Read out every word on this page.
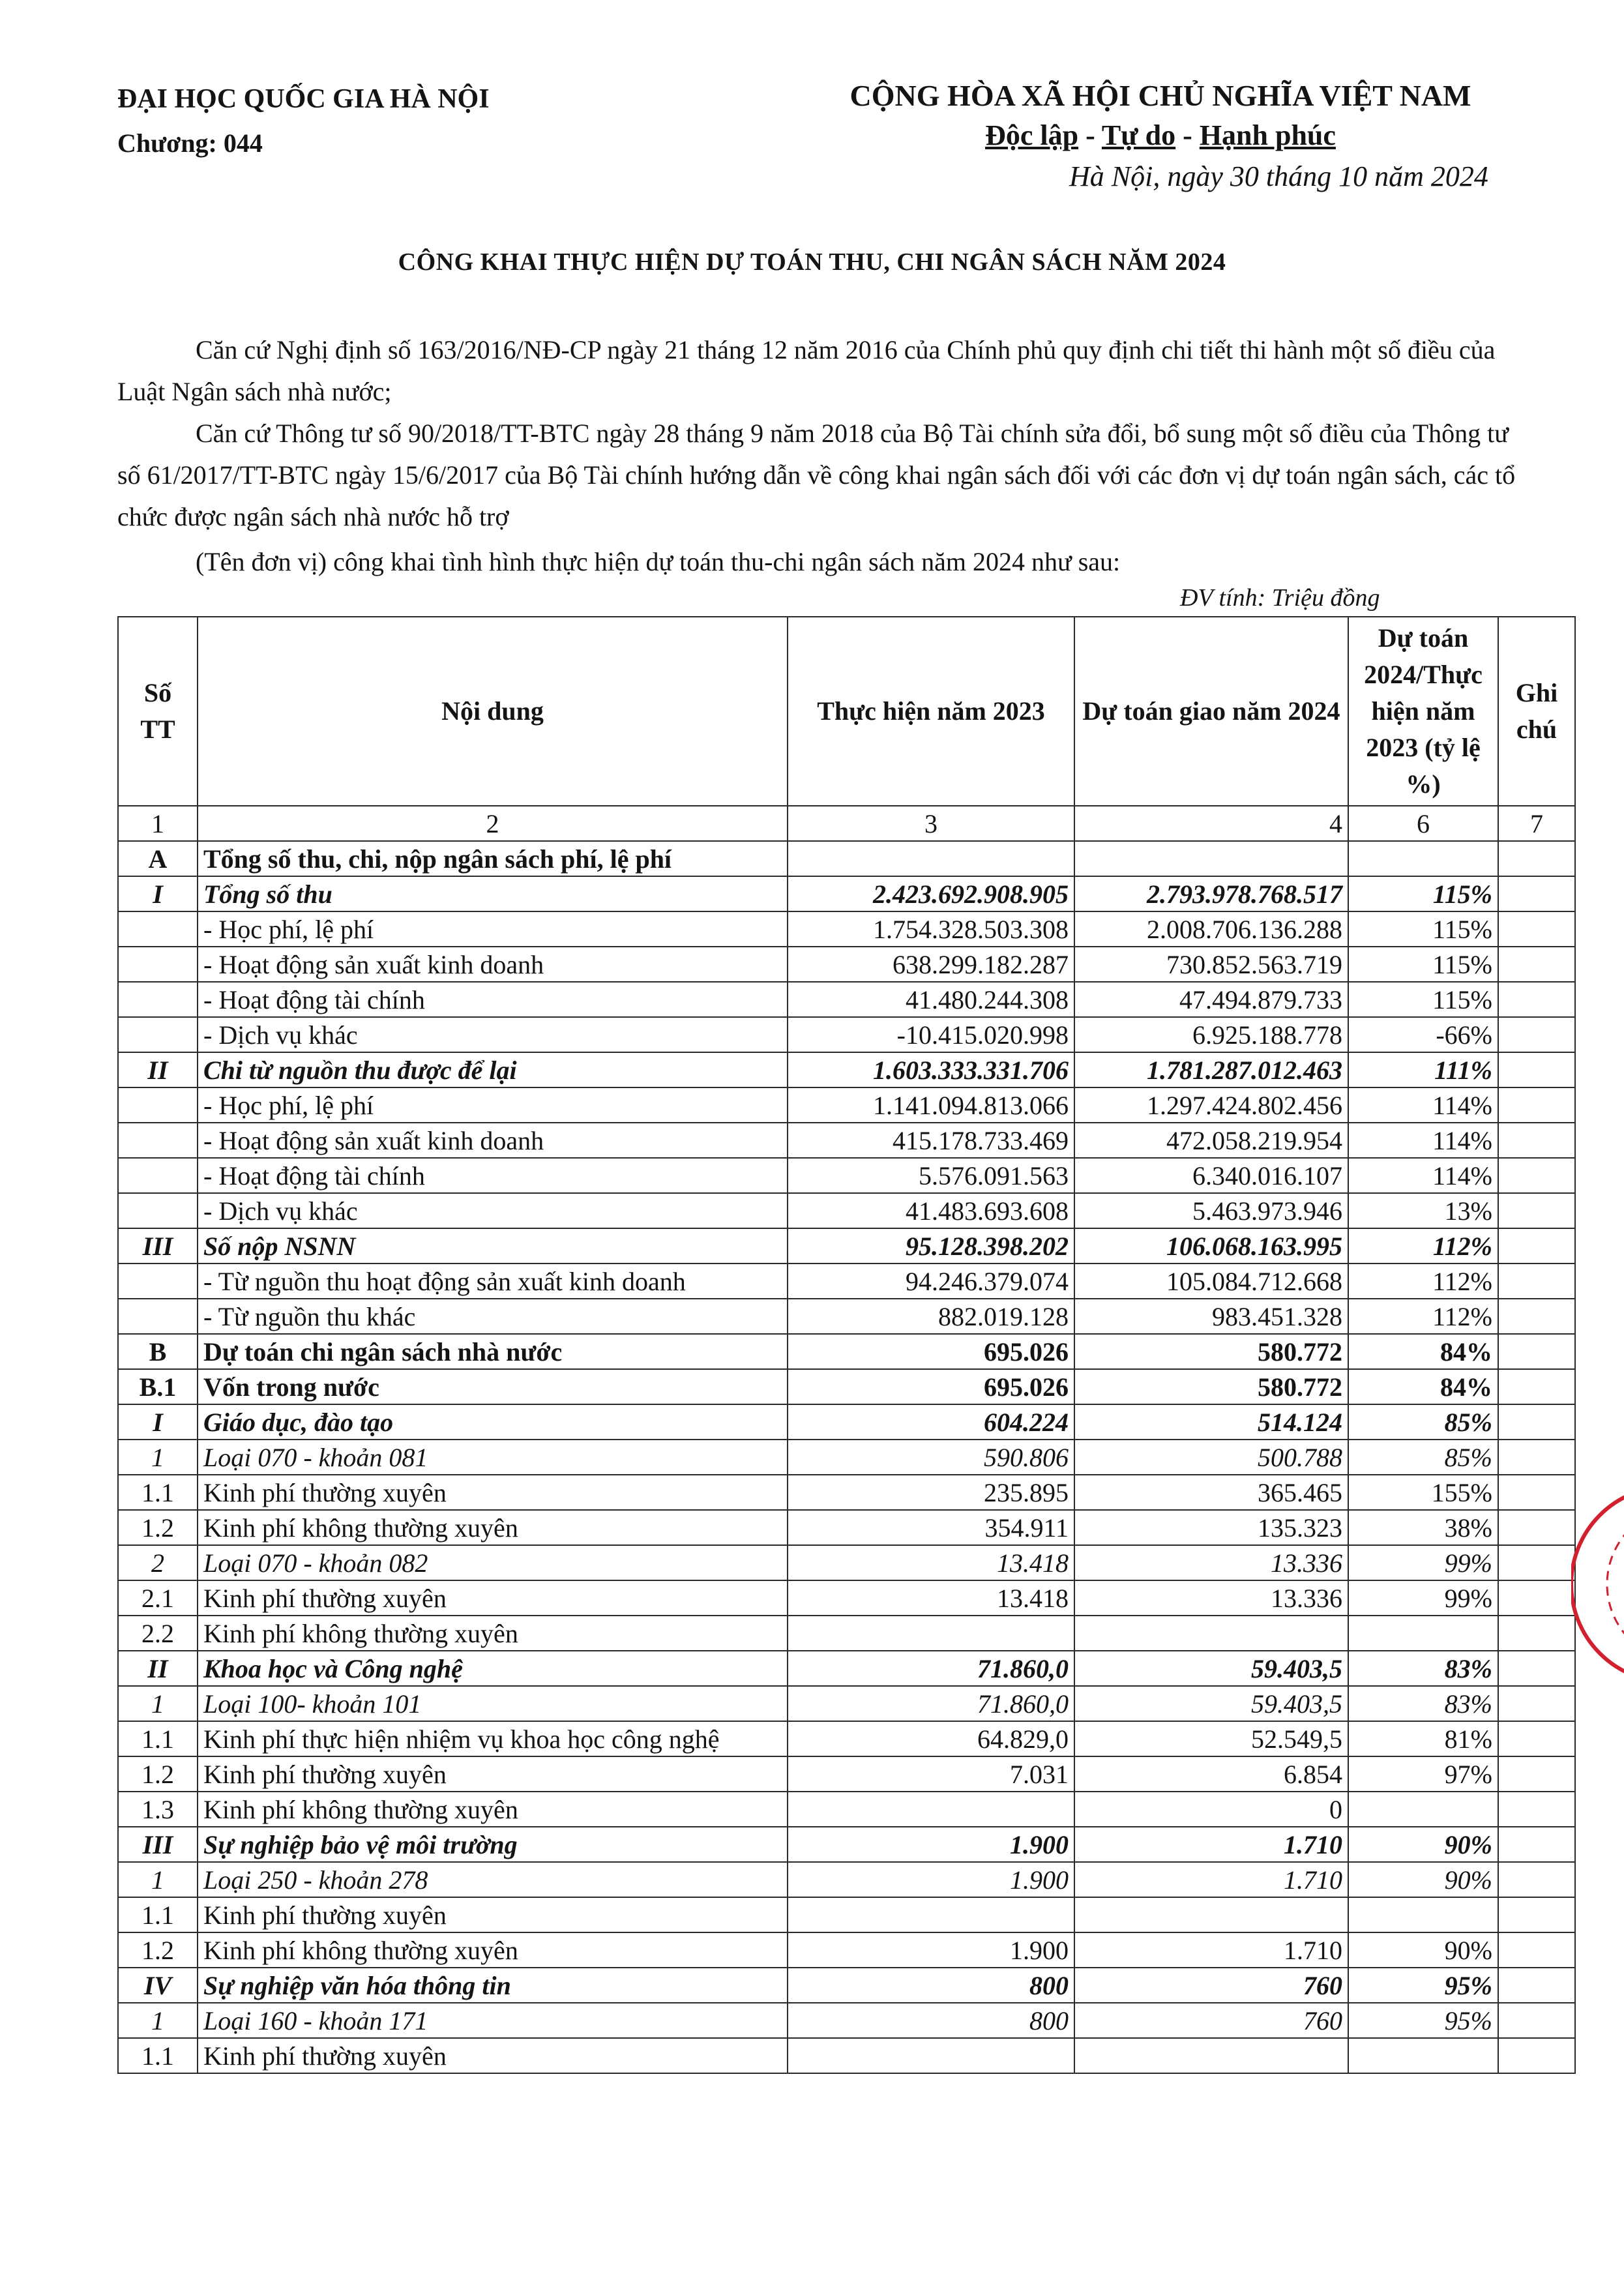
ĐẠI HỌC QUỐC GIA HÀ NỘI
Chương: 044
CỘNG HÒA XÃ HỘI CHỦ NGHĨA VIỆT NAM
Độc lập - Tự do - Hạnh phúc
Hà Nội, ngày 30 tháng 10 năm 2024
CÔNG KHAI THỰC HIỆN DỰ TOÁN THU, CHI NGÂN SÁCH NĂM 2024
Căn cứ Nghị định số 163/2016/NĐ-CP ngày 21 tháng 12 năm 2016 của Chính phủ quy định chi tiết thi hành một số điều của Luật Ngân sách nhà nước;
Căn cứ Thông tư số 90/2018/TT-BTC ngày 28 tháng 9 năm 2018 của Bộ Tài chính sửa đổi, bổ sung một số điều của Thông tư số 61/2017/TT-BTC ngày 15/6/2017 của Bộ Tài chính hướng dẫn về công khai ngân sách đối với các đơn vị dự toán ngân sách, các tổ chức được ngân sách nhà nước hỗ trợ
(Tên đơn vị) công khai tình hình thực hiện dự toán thu-chi ngân sách năm 2024 như sau:
ĐV tính: Triệu đồng
Số TT	Nội dung	Thực hiện năm 2023	Dự toán giao năm 2024	Dự toán 2024/Thực hiện năm 2023 (tỷ lệ %)	Ghi chú
1	2	3	4	6	7
A	Tổng số thu, chi, nộp ngân sách phí, lệ phí				
I	Tổng số thu	2.423.692.908.905	2.793.978.768.517	115%	
	- Học phí, lệ phí	1.754.328.503.308	2.008.706.136.288	115%	
	- Hoạt động sản xuất kinh doanh	638.299.182.287	730.852.563.719	115%	
	- Hoạt động tài chính	41.480.244.308	47.494.879.733	115%	
	- Dịch vụ khác	-10.415.020.998	6.925.188.778	-66%	
II	Chi từ nguồn thu được để lại	1.603.333.331.706	1.781.287.012.463	111%	
	- Học phí, lệ phí	1.141.094.813.066	1.297.424.802.456	114%	
	- Hoạt động sản xuất kinh doanh	415.178.733.469	472.058.219.954	114%	
	- Hoạt động tài chính	5.576.091.563	6.340.016.107	114%	
	- Dịch vụ khác	41.483.693.608	5.463.973.946	13%	
III	Số nộp NSNN	95.128.398.202	106.068.163.995	112%	
	- Từ nguồn thu hoạt động sản xuất kinh doanh	94.246.379.074	105.084.712.668	112%	
	- Từ nguồn thu khác	882.019.128	983.451.328	112%	
B	Dự toán chi ngân sách nhà nước	695.026	580.772	84%	
B.1	Vốn trong nước	695.026	580.772	84%	
I	Giáo dục, đào tạo	604.224	514.124	85%	
1	Loại 070 - khoản 081	590.806	500.788	85%	
1.1	Kinh phí thường xuyên	235.895	365.465	155%	
1.2	Kinh phí không thường xuyên	354.911	135.323	38%	
2	Loại 070 - khoản 082	13.418	13.336	99%	
2.1	Kinh phí thường xuyên	13.418	13.336	99%	
2.2	Kinh phí không thường xuyên				
II	Khoa học và Công nghệ	71.860,0	59.403,5	83%	
1	Loại 100- khoản 101	71.860,0	59.403,5	83%	
1.1	Kinh phí thực hiện nhiệm vụ khoa học công nghệ	64.829,0	52.549,5	81%	
1.2	Kinh phí thường xuyên	7.031	6.854	97%	
1.3	Kinh phí không thường xuyên		0		
III	Sự nghiệp bảo vệ môi trường	1.900	1.710	90%	
1	Loại 250 - khoản 278	1.900	1.710	90%	
1.1	Kinh phí thường xuyên				
1.2	Kinh phí không thường xuyên	1.900	1.710	90%	
IV	Sự nghiệp văn hóa thông tin	800	760	95%	
1	Loại 160 - khoản 171	800	760	95%	
1.1	Kinh phí thường xuyên				
